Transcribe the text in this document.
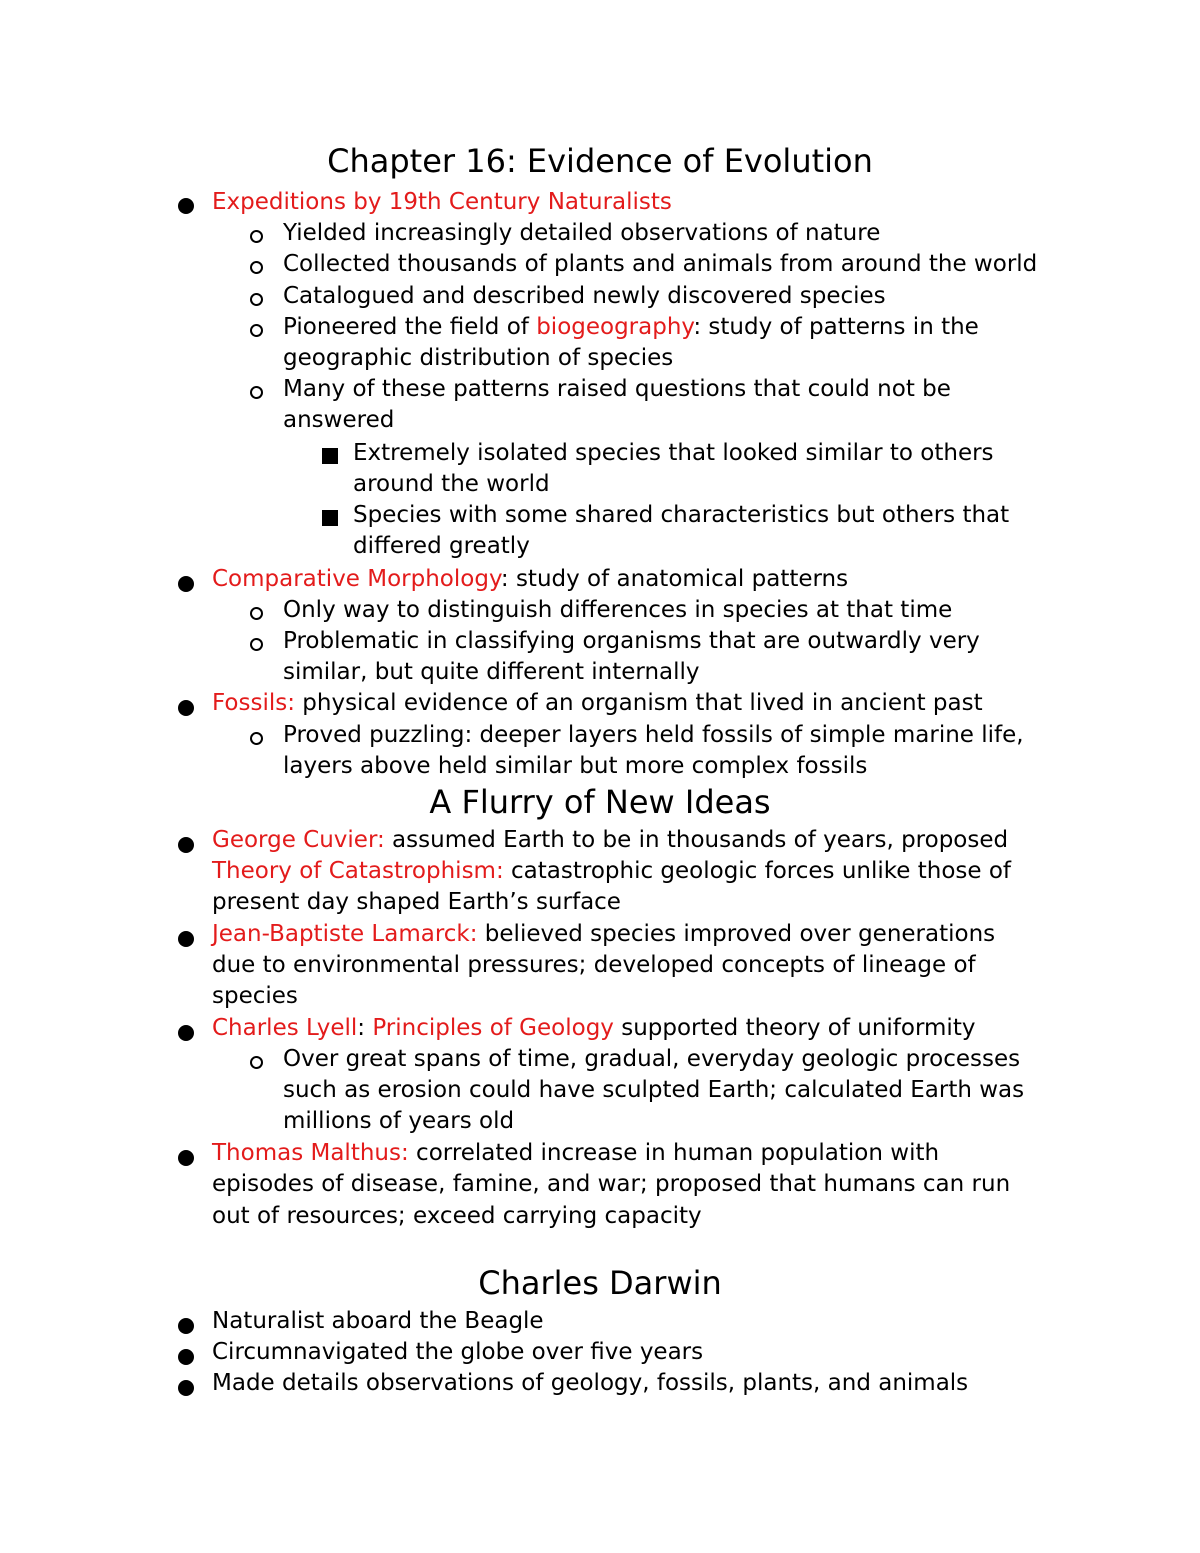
Chapter 16: Evidence of Evolution
Expeditions by 19th Century Naturalists
Yielded increasingly detailed observations of nature
Collected thousands of plants and animals from around the world
Catalogued and described newly discovered species
Pioneered the field of biogeography: study of patterns in the
geographic distribution of species
Many of these patterns raised questions that could not be
answered
Extremely isolated species that looked similar to others
around the world
Species with some shared characteristics but others that
differed greatly
Comparative Morphology: study of anatomical patterns
Only way to distinguish differences in species at that time
Problematic in classifying organisms that are outwardly very
similar, but quite different internally
Fossils: physical evidence of an organism that lived in ancient past
Proved puzzling: deeper layers held fossils of simple marine life,
layers above held similar but more complex fossils
A Flurry of New Ideas
George Cuvier: assumed Earth to be in thousands of years, proposed
Theory of Catastrophism: catastrophic geologic forces unlike those of
present day shaped Earth’s surface
Jean-Baptiste Lamarck: believed species improved over generations
due to environmental pressures; developed concepts of lineage of
species
Charles Lyell: Principles of Geology supported theory of uniformity
Over great spans of time, gradual, everyday geologic processes
such as erosion could have sculpted Earth; calculated Earth was
millions of years old
Thomas Malthus: correlated increase in human population with
episodes of disease, famine, and war; proposed that humans can run
out of resources; exceed carrying capacity
Charles Darwin
Naturalist aboard the Beagle
Circumnavigated the globe over five years
Made details observations of geology, fossils, plants, and animals
